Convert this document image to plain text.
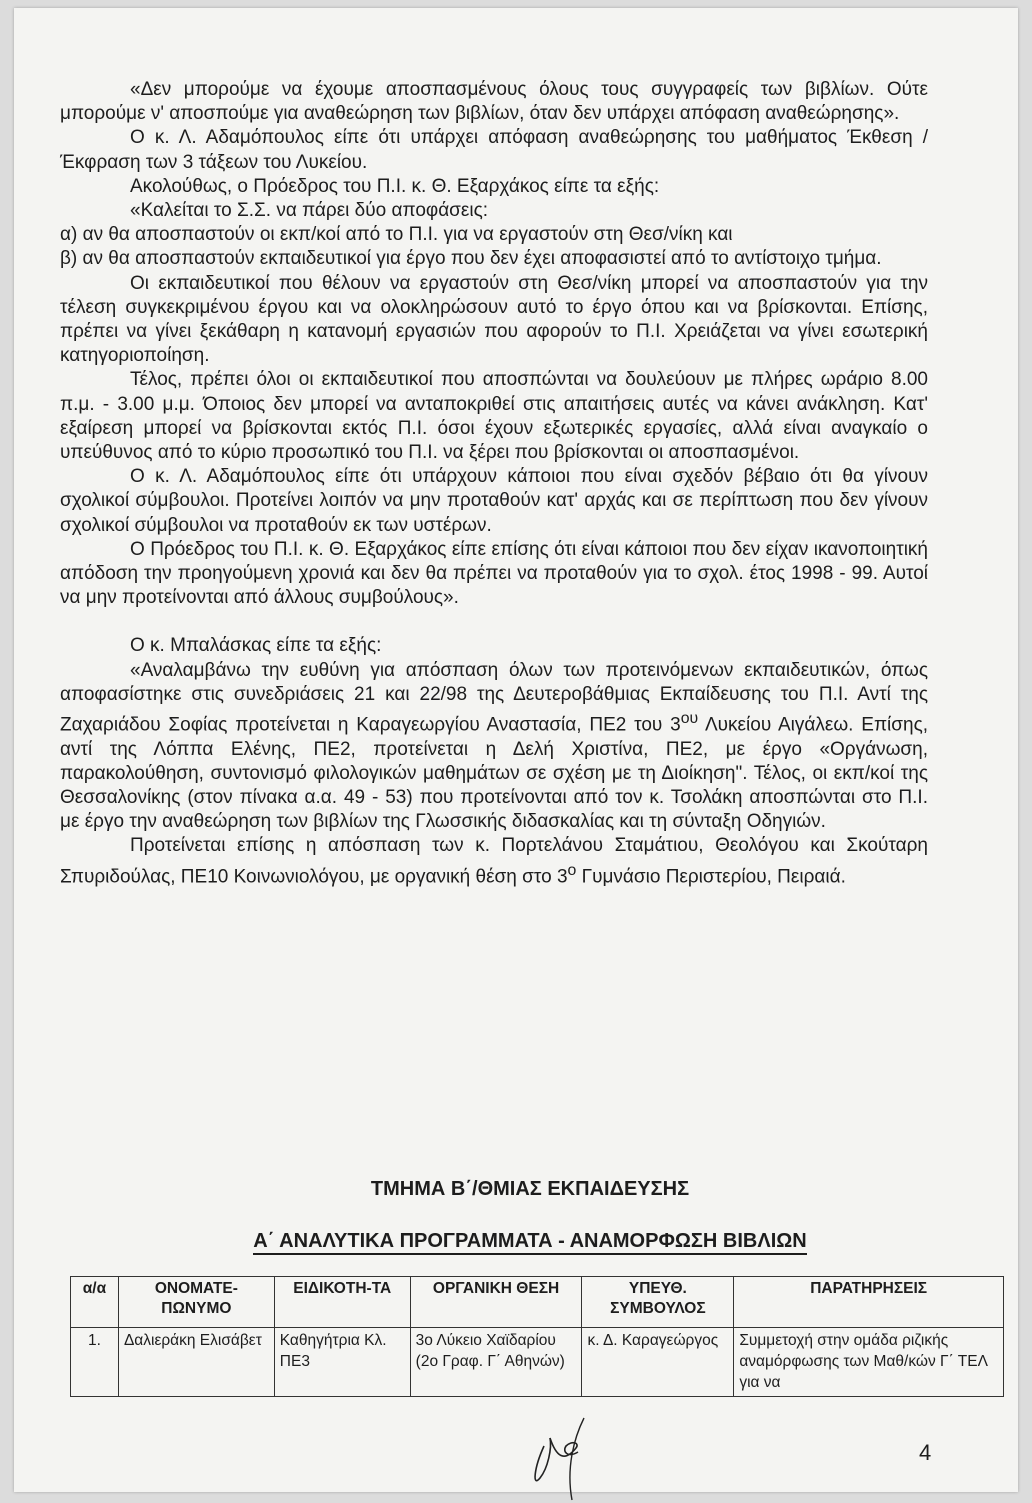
«Δεν μπορούμε να έχουμε αποσπασμένους όλους τους συγγραφείς των βιβλίων. Ούτε μπορούμε ν' αποσπούμε για αναθεώρηση των βιβλίων, όταν δεν υπάρχει απόφαση αναθεώρησης».

Ο κ. Λ. Αδαμόπουλος είπε ότι υπάρχει απόφαση αναθεώρησης του μαθήματος Έκθεση / Έκφραση των 3 τάξεων του Λυκείου.

Ακολούθως, ο Πρόεδρος του Π.Ι. κ. Θ. Εξαρχάκος είπε τα εξής:

«Καλείται το Σ.Σ. να πάρει δύο αποφάσεις:

α) αν θα αποσπαστούν οι εκπ/κοί από το Π.Ι. για να εργαστούν στη Θεσ/νίκη και

β) αν θα αποσπαστούν εκπαιδευτικοί για έργο που δεν έχει αποφασιστεί από το αντίστοιχο τμήμα.

Οι εκπαιδευτικοί που θέλουν να εργαστούν στη Θεσ/νίκη μπορεί να αποσπαστούν για την τέλεση συγκεκριμένου έργου και να ολοκληρώσουν αυτό το έργο όπου και να βρίσκονται. Επίσης, πρέπει να γίνει ξεκάθαρη η κατανομή εργασιών που αφορούν το Π.Ι. Χρειάζεται να γίνει εσωτερική κατηγοριοποίηση.

Τέλος, πρέπει όλοι οι εκπαιδευτικοί που αποσπώνται να δουλεύουν με πλήρες ωράριο 8.00 π.μ. - 3.00 μ.μ. Όποιος δεν μπορεί να ανταποκριθεί στις απαιτήσεις αυτές να κάνει ανάκληση. Κατ' εξαίρεση μπορεί να βρίσκονται εκτός Π.Ι. όσοι έχουν εξωτερικές εργασίες, αλλά είναι αναγκαίο ο υπεύθυνος από το κύριο προσωπικό του Π.Ι. να ξέρει που βρίσκονται οι αποσπασμένοι.

Ο κ. Λ. Αδαμόπουλος είπε ότι υπάρχουν κάποιοι που είναι σχεδόν βέβαιο ότι θα γίνουν σχολικοί σύμβουλοι. Προτείνει λοιπόν να μην προταθούν κατ' αρχάς και σε περίπτωση που δεν γίνουν σχολικοί σύμβουλοι να προταθούν εκ των υστέρων.

Ο Πρόεδρος του Π.Ι. κ. Θ. Εξαρχάκος είπε επίσης ότι είναι κάποιοι που δεν είχαν ικανοποιητική απόδοση την προηγούμενη χρονιά και δεν θα πρέπει να προταθούν για το σχολ. έτος 1998 - 99. Αυτοί να μην προτείνονται από άλλους συμβούλους».

Ο κ. Μπαλάσκας είπε τα εξής:

«Αναλαμβάνω την ευθύνη για απόσπαση όλων των προτεινόμενων εκπαιδευτικών, όπως αποφασίστηκε στις συνεδριάσεις 21 και 22/98 της Δευτεροβάθμιας Εκπαίδευσης του Π.Ι. Αντί της Ζαχαριάδου Σοφίας προτείνεται η Καραγεωργίου Αναστασία, ΠΕ2 του $3^{o\upsilon}$ Λυκείου Αιγάλεω. Επίσης, αντί της Λόππα Ελένης, ΠΕ2, προτείνεται η Δελή Χριστίνα, ΠΕ2, με έργο «Οργάνωση, παρακολούθηση, συντονισμό φιλολογικών μαθημάτων σε σχέση με τη Διοίκηση". Τέλος, οι εκπ/κοί της Θεσσαλονίκης (στον πίνακα α.α. 49 - 53) που προτείνονται από τον κ. Τσολάκη αποσπώνται στο Π.Ι. με έργο την αναθεώρηση των βιβλίων της Γλωσσικής διδασκαλίας και τη σύνταξη Οδηγιών.

Προτείνεται επίσης η απόσπαση των κ. Πορτελάνου Σταμάτιου, Θεολόγου και Σκούταρη Σπυριδούλας, ΠΕ10 Κοινωνιολόγου, με οργανική θέση στο $3^o$ Γυμνάσιο Περιστερίου, Πειραιά.

ΤΜΗΜΑ Β΄/ΘΜΙΑΣ ΕΚΠΑΙΔΕΥΣΗΣ
Α΄ ΑΝΑΛΥΤΙΚΑ ΠΡΟΓΡΑΜΜΑΤΑ - ΑΝΑΜΟΡΦΩΣΗ ΒΙΒΛΙΩΝ
α/α	ΟΝΟΜΑΤΕ-ΠΩΝΥΜΟ	ΕΙΔΙΚΟΤΗ-ΤΑ	ΟΡΓΑΝΙΚΗ ΘΕΣΗ	ΥΠΕΥΘ. ΣΥΜΒΟΥΛΟΣ	ΠΑΡΑΤΗΡΗΣΕΙΣ
1.	Δαλιεράκη Ελισάβετ	Καθηγήτρια Κλ. ΠΕ3	3ο Λύκειο Χαϊδαρίου (2ο Γραφ. Γ΄ Αθηνών)	κ. Δ. Καραγεώργος	Συμμετοχή στην ομάδα ριζικής αναμόρφωσης των Μαθ/κών Γ΄ ΤΕΛ για να
4
